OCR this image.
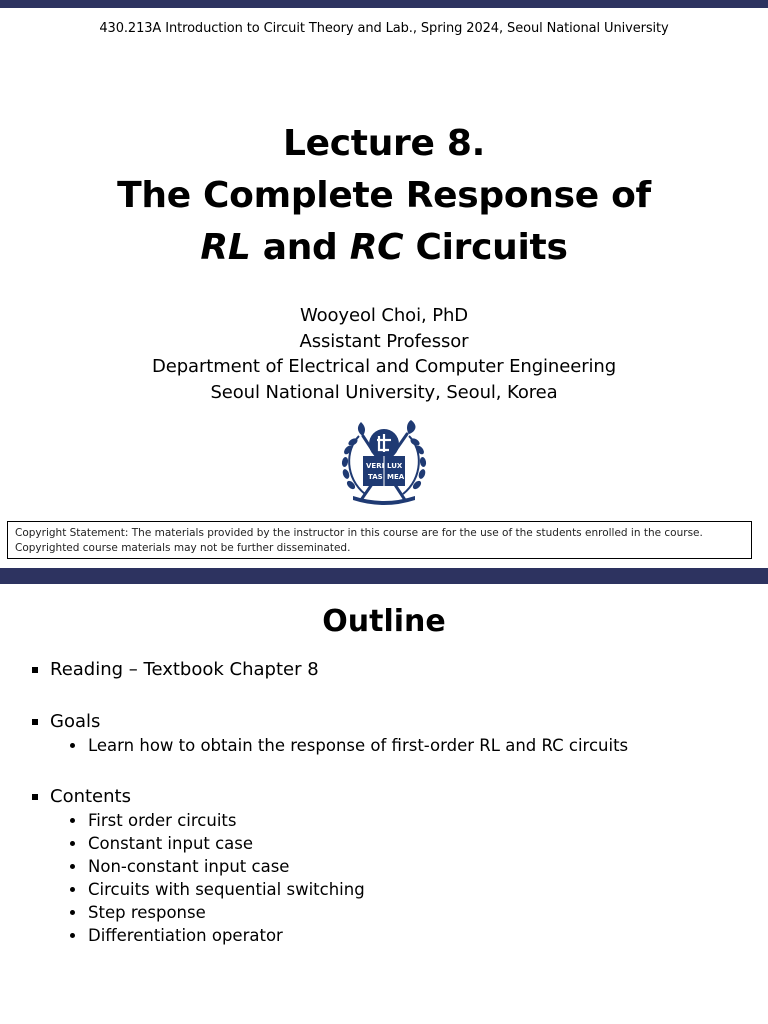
430.213A Introduction to Circuit Theory and Lab., Spring 2024, Seoul National University
Lecture 8.
The Complete Response of
RL and RC Circuits
Wooyeol Choi, PhD
Assistant Professor
Department of Electrical and Computer Engineering
Seoul National University, Seoul, Korea
VERI LUX
TAS MEA
Copyright Statement: The materials provided by the instructor in this course are for the use of the students enrolled in the course. Copyrighted course materials may not be further disseminated.
Outline
Reading – Textbook Chapter 8
Goals
Learn how to obtain the response of first-order RL and RC circuits
Contents
First order circuits
Constant input case
Non-constant input case
Circuits with sequential switching
Step response
Differentiation operator
